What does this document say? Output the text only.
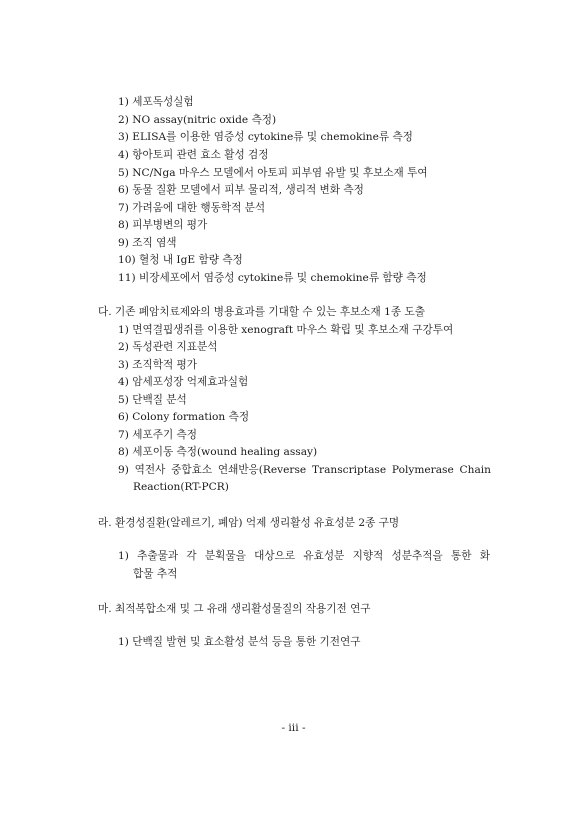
1) 세포독성실험
2) NO assay(nitric oxide 측정)
3) ELISA를 이용한 염증성 cytokine류 및 chemokine류 측정
4) 항아토피 관련 효소 활성 검정
5) NC/Nga 마우스 모델에서 아토피 피부염 유발 및 후보소재 투여
6) 동물 질환 모델에서 피부 물리적, 생리적 변화 측정
7) 가려움에 대한 행동학적 분석
8) 피부병변의 평가
9) 조직 염색
10) 혈청 내 IgE 함량 측정
11) 비장세포에서 염증성 cytokine류 및 chemokine류 함량 측정
다. 기존 폐암치료제와의 병용효과를 기대할 수 있는 후보소재 1종 도출
1) 면역결핍생쥐를 이용한 xenograft 마우스 확립 및 후보소재 구강투여
2) 독성관련 지표분석
3) 조직학적 평가
4) 암세포성장 억제효과실험
5) 단백질 분석
6) Colony formation 측정
7) 세포주기 측정
8) 세포이동 측정(wound healing assay)
9) 역전사 중합효소 연쇄반응(Reverse Transcriptase Polymerase Chain
Reaction(RT-PCR)
라. 환경성질환(알레르기, 폐암) 억제 생리활성 유효성분 2종 구명
1) 추출물과 각 분획물을 대상으로 유효성분 지향적 성분추적을 통한 화
합물 추적
마. 최적복합소재 및 그 유래 생리활성물질의 작용기전 연구
1) 단백질 발현 및 효소활성 분석 등을 통한 기전연구
- iii -
